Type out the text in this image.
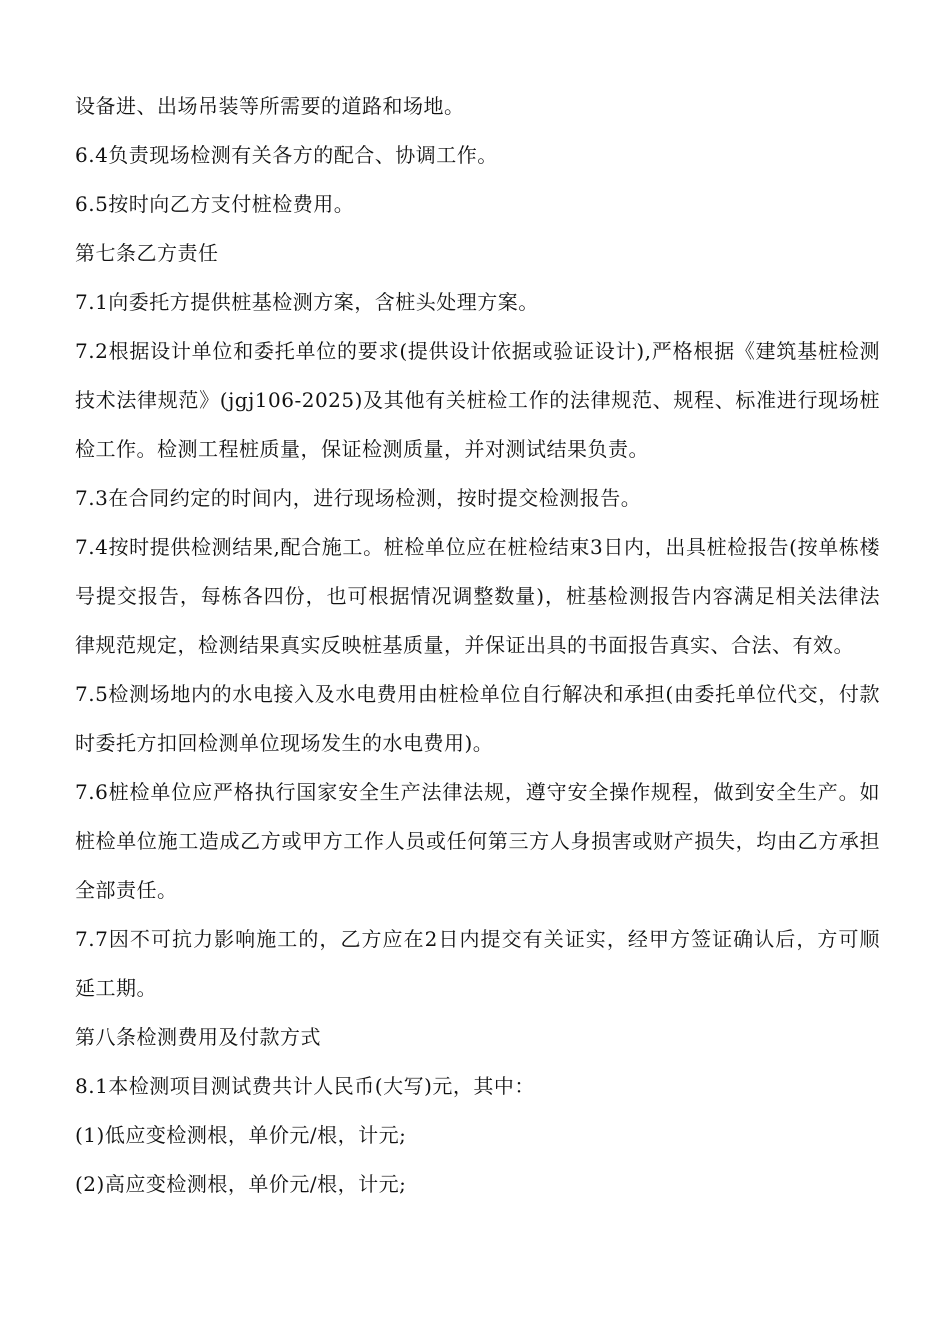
设备进、出场吊装等所需要的道路和场地。

6.4负责现场检测有关各方的配合、协调工作。

6.5按时向乙方支付桩检费用。

第七条乙方责任

7.1向委托方提供桩基检测方案，含桩头处理方案。

7.2根据设计单位和委托单位的要求(提供设计依据或验证设计),严格根据《建筑基桩检测技术法律规范》(jgj106-2025)及其他有关桩检工作的法律规范、规程、标准进行现场桩检工作。检测工程桩质量，保证检测质量，并对测试结果负责。

7.3在合同约定的时间内，进行现场检测，按时提交检测报告。

7.4按时提供检测结果,配合施工。桩检单位应在桩检结束3日内，出具桩检报告(按单栋楼号提交报告，每栋各四份，也可根据情况调整数量)，桩基检测报告内容满足相关法律法律规范规定，检测结果真实反映桩基质量，并保证出具的书面报告真实、合法、有效。

7.5检测场地内的水电接入及水电费用由桩检单位自行解决和承担(由委托单位代交，付款时委托方扣回检测单位现场发生的水电费用)。

7.6桩检单位应严格执行国家安全生产法律法规，遵守安全操作规程，做到安全生产。如桩检单位施工造成乙方或甲方工作人员或任何第三方人身损害或财产损失，均由乙方承担全部责任。

7.7因不可抗力影响施工的，乙方应在2日内提交有关证实，经甲方签证确认后，方可顺延工期。

第八条检测费用及付款方式

8.1本检测项目测试费共计人民币(大写)元，其中：

(1)低应变检测根，单价元/根，计元;

(2)高应变检测根，单价元/根，计元;
